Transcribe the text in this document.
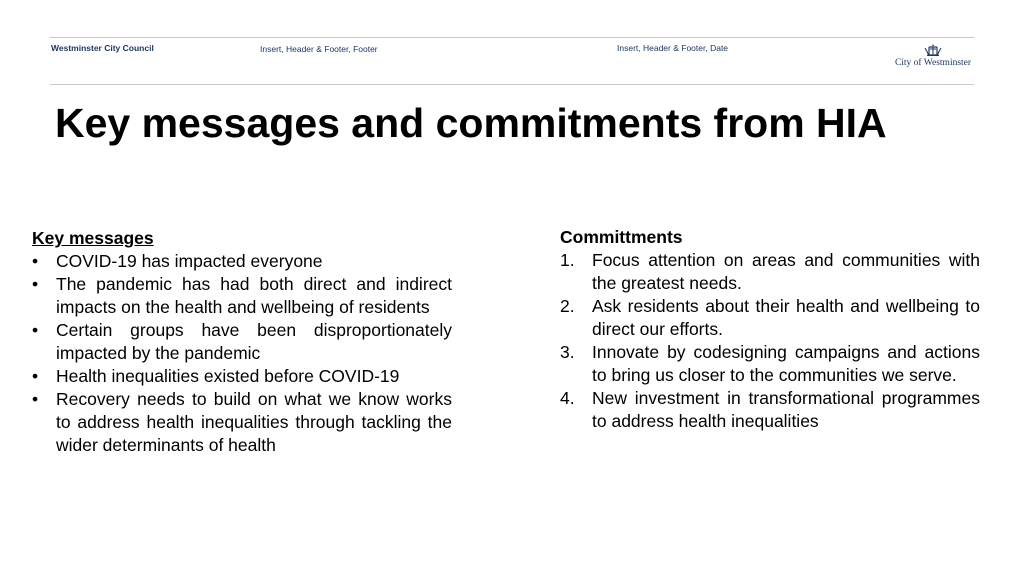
Westminster City Council	Insert, Header & Footer, Footer	Insert, Header & Footer, Date
City of Westminster
Key messages and commitments from HIA
Key messages
• COVID-19 has impacted everyone
• The pandemic has had both direct and indirect impacts on the health and wellbeing of residents
• Certain groups have been disproportionately impacted by the pandemic
• Health inequalities existed before COVID-19
• Recovery needs to build on what we know works to address health inequalities through tackling the wider determinants of health
Committments
1. Focus attention on areas and communities with the greatest needs.
2. Ask residents about their health and wellbeing to direct our efforts.
3. Innovate by codesigning campaigns and actions to bring us closer to the communities we serve.
4. New investment in transformational programmes to address health inequalities
